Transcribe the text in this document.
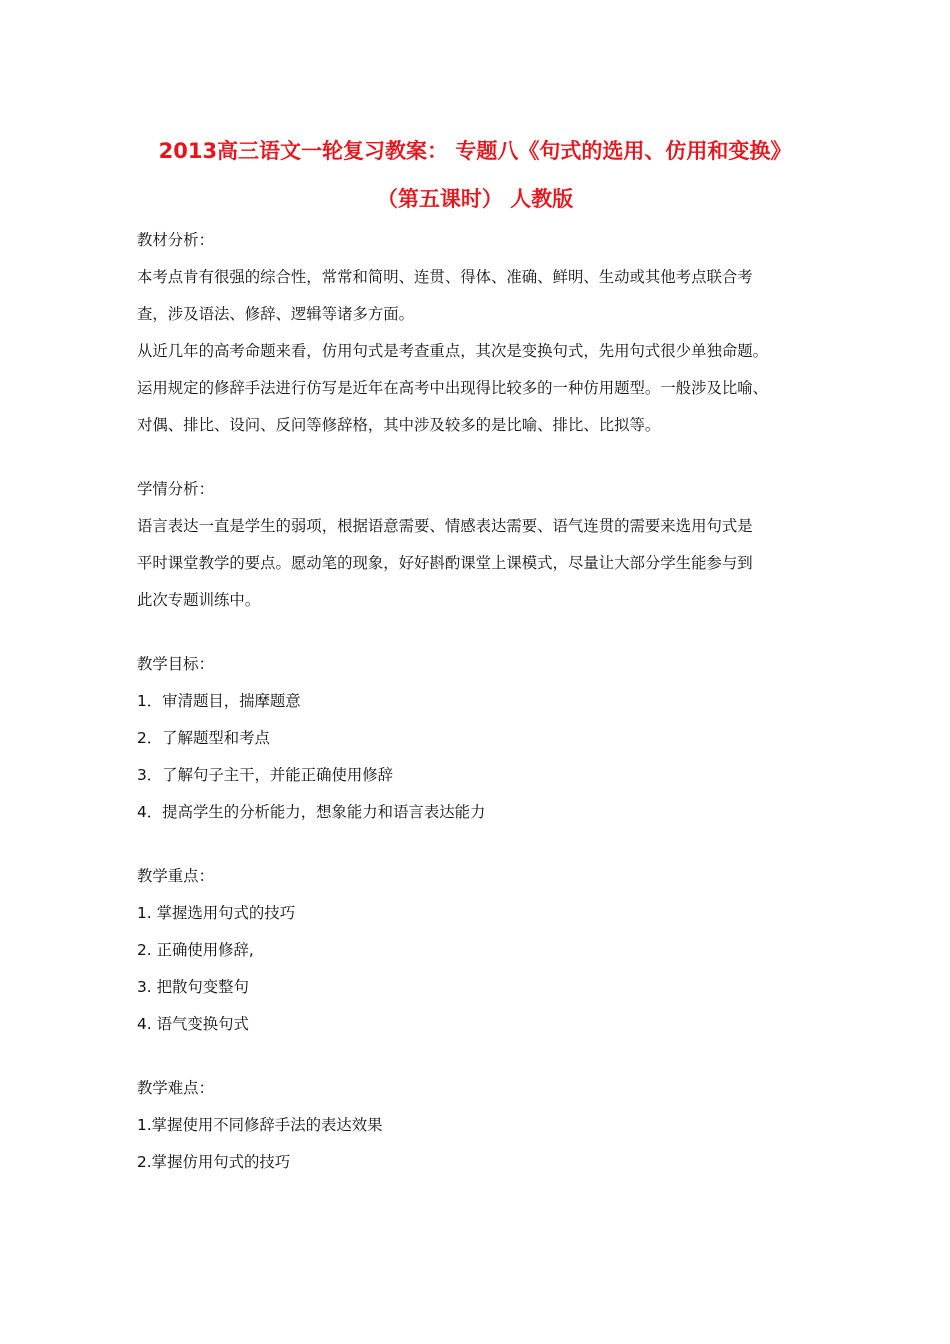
2013高三语文一轮复习教案： 专题八《句式的选用、仿用和变换》
（第五课时） 人教版
教材分析：
本考点肯有很强的综合性，常常和简明、连贯、得体、准确、鲜明、生动或其他考点联合考
查，涉及语法、修辞、逻辑等诸多方面。
从近几年的高考命题来看，仿用句式是考查重点，其次是变换句式，先用句式很少单独命题。
运用规定的修辞手法进行仿写是近年在高考中出现得比较多的一种仿用题型。一般涉及比喻、
对偶、排比、设问、反问等修辞格，其中涉及较多的是比喻、排比、比拟等。
学情分析：
语言表达一直是学生的弱项，根据语意需要、情感表达需要、语气连贯的需要来选用句式是
平时课堂教学的要点。愿动笔的现象，好好斟酌课堂上课模式，尽量让大部分学生能参与到
此次专题训练中。
教学目标：
1．审清题目，揣摩题意
2．了解题型和考点
3．了解句子主干，并能正确使用修辞
4．提高学生的分析能力，想象能力和语言表达能力
教学重点：
1. 掌握选用句式的技巧
2. 正确使用修辞,
3. 把散句变整句
4. 语气变换句式
教学难点：
1.掌握使用不同修辞手法的表达效果
2.掌握仿用句式的技巧
